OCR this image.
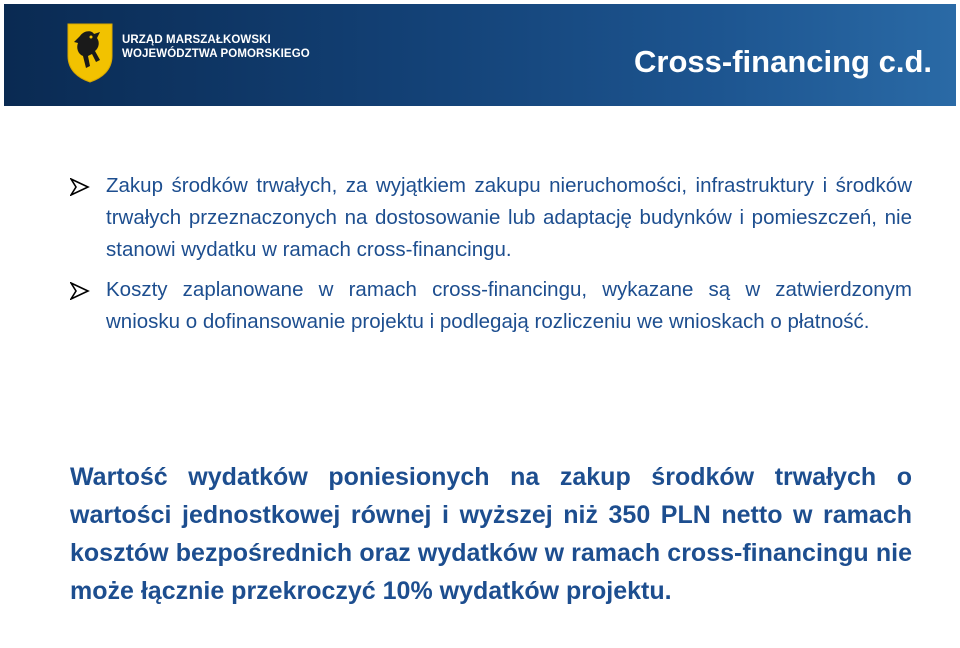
URZĄD MARSZAŁKOWSKI
WOJEWÓDZTWA POMORSKIEGO	Cross-financing c.d.
Zakup środków trwałych, za wyjątkiem zakupu nieruchomości, infrastruktury i środków trwałych przeznaczonych na dostosowanie lub adaptację budynków i pomieszczeń, nie stanowi wydatku w ramach cross-financingu.
Koszty zaplanowane w ramach cross-financingu, wykazane są w zatwierdzonym wniosku o dofinansowanie projektu i podlegają rozliczeniu we wnioskach o płatność.
Wartość wydatków poniesionych na zakup środków trwałych o wartości jednostkowej równej i wyższej niż 350 PLN netto w ramach kosztów bezpośrednich oraz wydatków w ramach cross-financingu nie może łącznie przekroczyć 10% wydatków projektu.
